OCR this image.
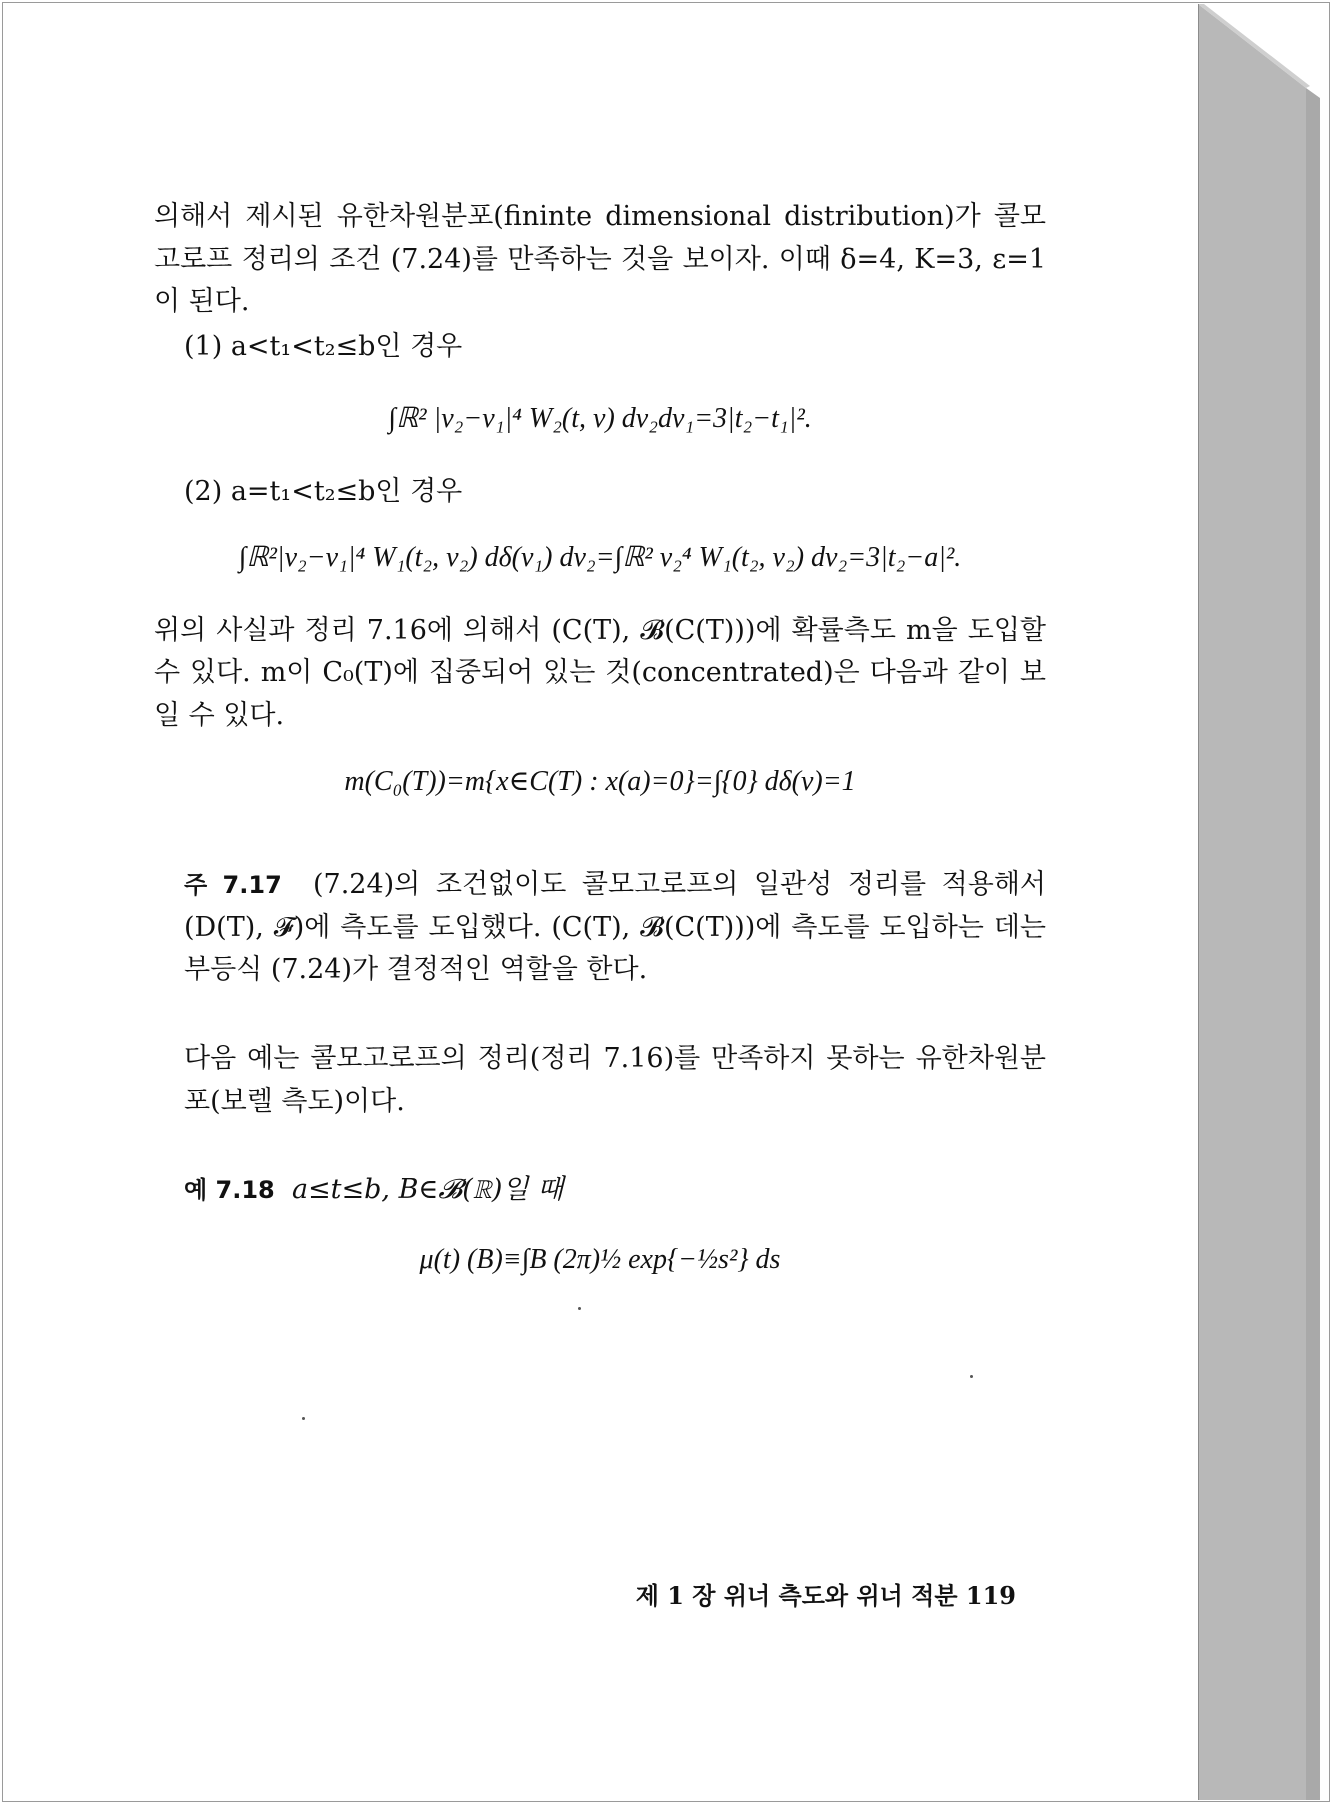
의해서 제시된 유한차원분포(fininte dimensional distribution)가 콜모고로프 정리의 조건 (7.24)를 만족하는 것을 보이자. 이때 δ=4, K=3, ε=1이 된다.

(1) a<t₁<t₂≤b인 경우

∫ℝ² |v₂−v₁|⁴ W₂(t, v) dv₂dv₁=3|t₂−t₁|².

(2) a=t₁<t₂≤b인 경우

∫ℝ²|v₂−v₁|⁴ W₁(t₂, v₂) dδ(v₁) dv₂=∫ℝ² v₂⁴ W₁(t₂, v₂) dv₂=3|t₂−a|².

위의 사실과 정리 7.16에 의해서 (C(T), 𝓑(C(T)))에 확률측도 m을 도입할 수 있다. m이 C₀(T)에 집중되어 있는 것(concentrated)은 다음과 같이 보일 수 있다.

m(C₀(T))=m{x∈C(T) : x(a)=0}=∫{0} dδ(v)=1

주 7.17 (7.24)의 조건없이도 콜모고로프의 일관성 정리를 적용해서 (D(T), 𝓕)에 측도를 도입했다. (C(T), 𝓑(C(T)))에 측도를 도입하는 데는 부등식 (7.24)가 결정적인 역할을 한다.

다음 예는 콜모고로프의 정리(정리 7.16)를 만족하지 못하는 유한차원분포(보렐 측도)이다.

예 7.18 a≤t≤b, B∈𝓑(ℝ)일 때

μ(t) (B)≡∫B (2π)½ exp{−½s²} ds
제 1 장 위너 측도와 위너 적분 119
